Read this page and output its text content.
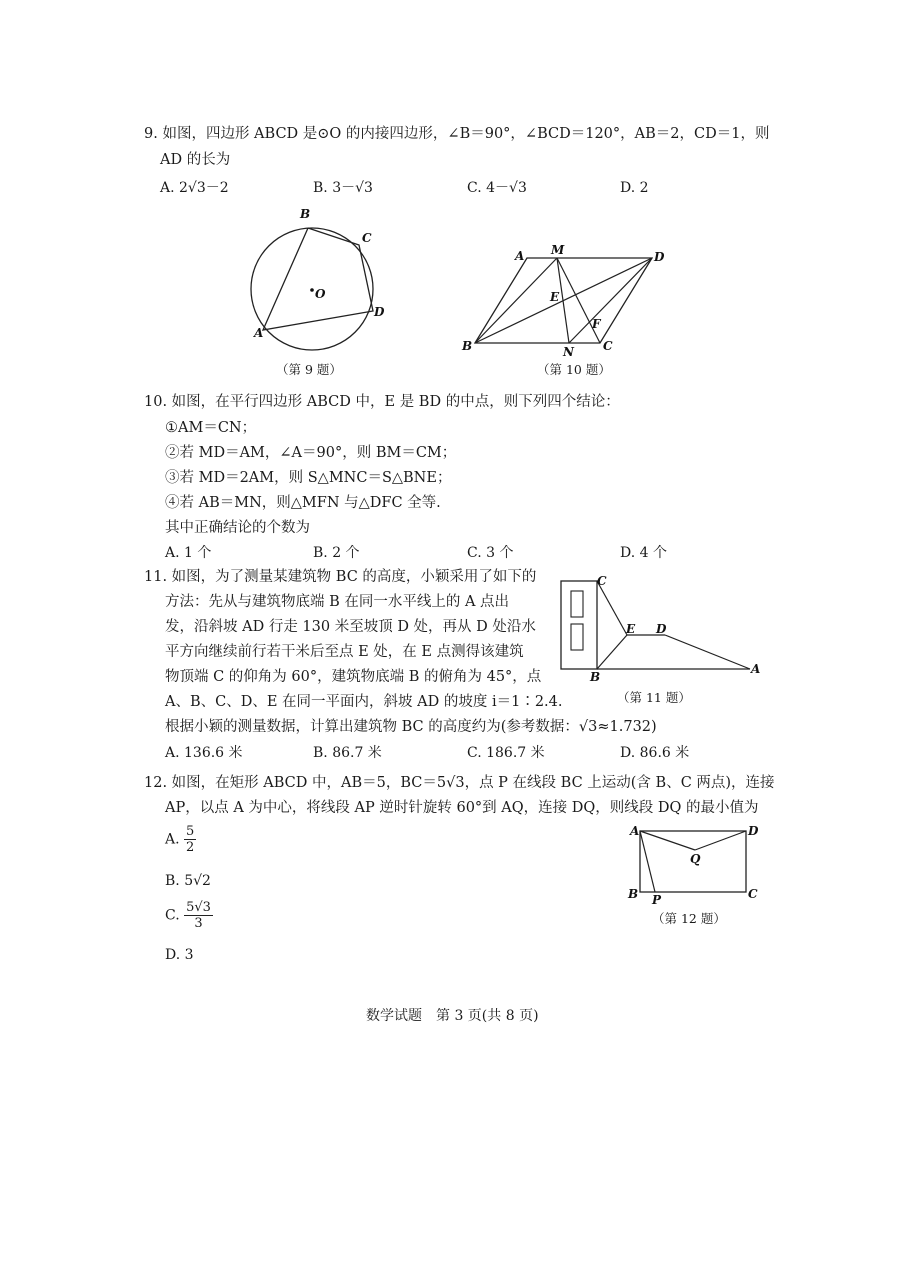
9. 如图，四边形 ABCD 是⊙O 的内接四边形，∠B＝90°，∠BCD＝120°，AB＝2，CD＝1，则
AD 的长为
A. 2√3－2	B. 3－√3	C. 4－√3	D. 2
B
C
O
D
A
（第 9 题）
A M	D
E
F
B	N C
（第 10 题）
10. 如图，在平行四边形 ABCD 中，E 是 BD 的中点，则下列四个结论：
①AM＝CN；
②若 MD＝AM，∠A＝90°，则 BM＝CM；
③若 MD＝2AM，则 S△MNC＝S△BNE；
④若 AB＝MN，则△MFN 与△DFC 全等.
其中正确结论的个数为
A. 1 个	B. 2 个	C. 3 个	D. 4 个
11. 如图，为了测量某建筑物 BC 的高度，小颖采用了如下的
方法：先从与建筑物底端 B 在同一水平线上的 A 点出
发，沿斜坡 AD 行走 130 米至坡顶 D 处，再从 D 处沿水
平方向继续前行若干米后至点 E 处，在 E 点测得该建筑
物顶端 C 的仰角为 60°，建筑物底端 B 的俯角为 45°，点
A、B、C、D、E 在同一平面内，斜坡 AD 的坡度 i＝1∶2.4.
根据小颖的测量数据，计算出建筑物 BC 的高度约为(参考数据：√3≈1.732)
A. 136.6 米	B. 86.7 米	C. 186.7 米	D. 86.6 米
C
E D
B
A
（第 11 题）
12. 如图，在矩形 ABCD 中，AB＝5，BC＝5√3，点 P 在线段 BC 上运动(含 B、C 两点)，连接
AP，以点 A 为中心，将线段 AP 逆时针旋转 60°到 AQ，连接 DQ，则线段 DQ 的最小值为
A. $\frac{5}{2}$
B. 5√2
C. $\frac{5√3}{3}$
D. 3
A	D
Q
B P	C
（第 12 题）
数学试题　第 3 页(共 8 页)
